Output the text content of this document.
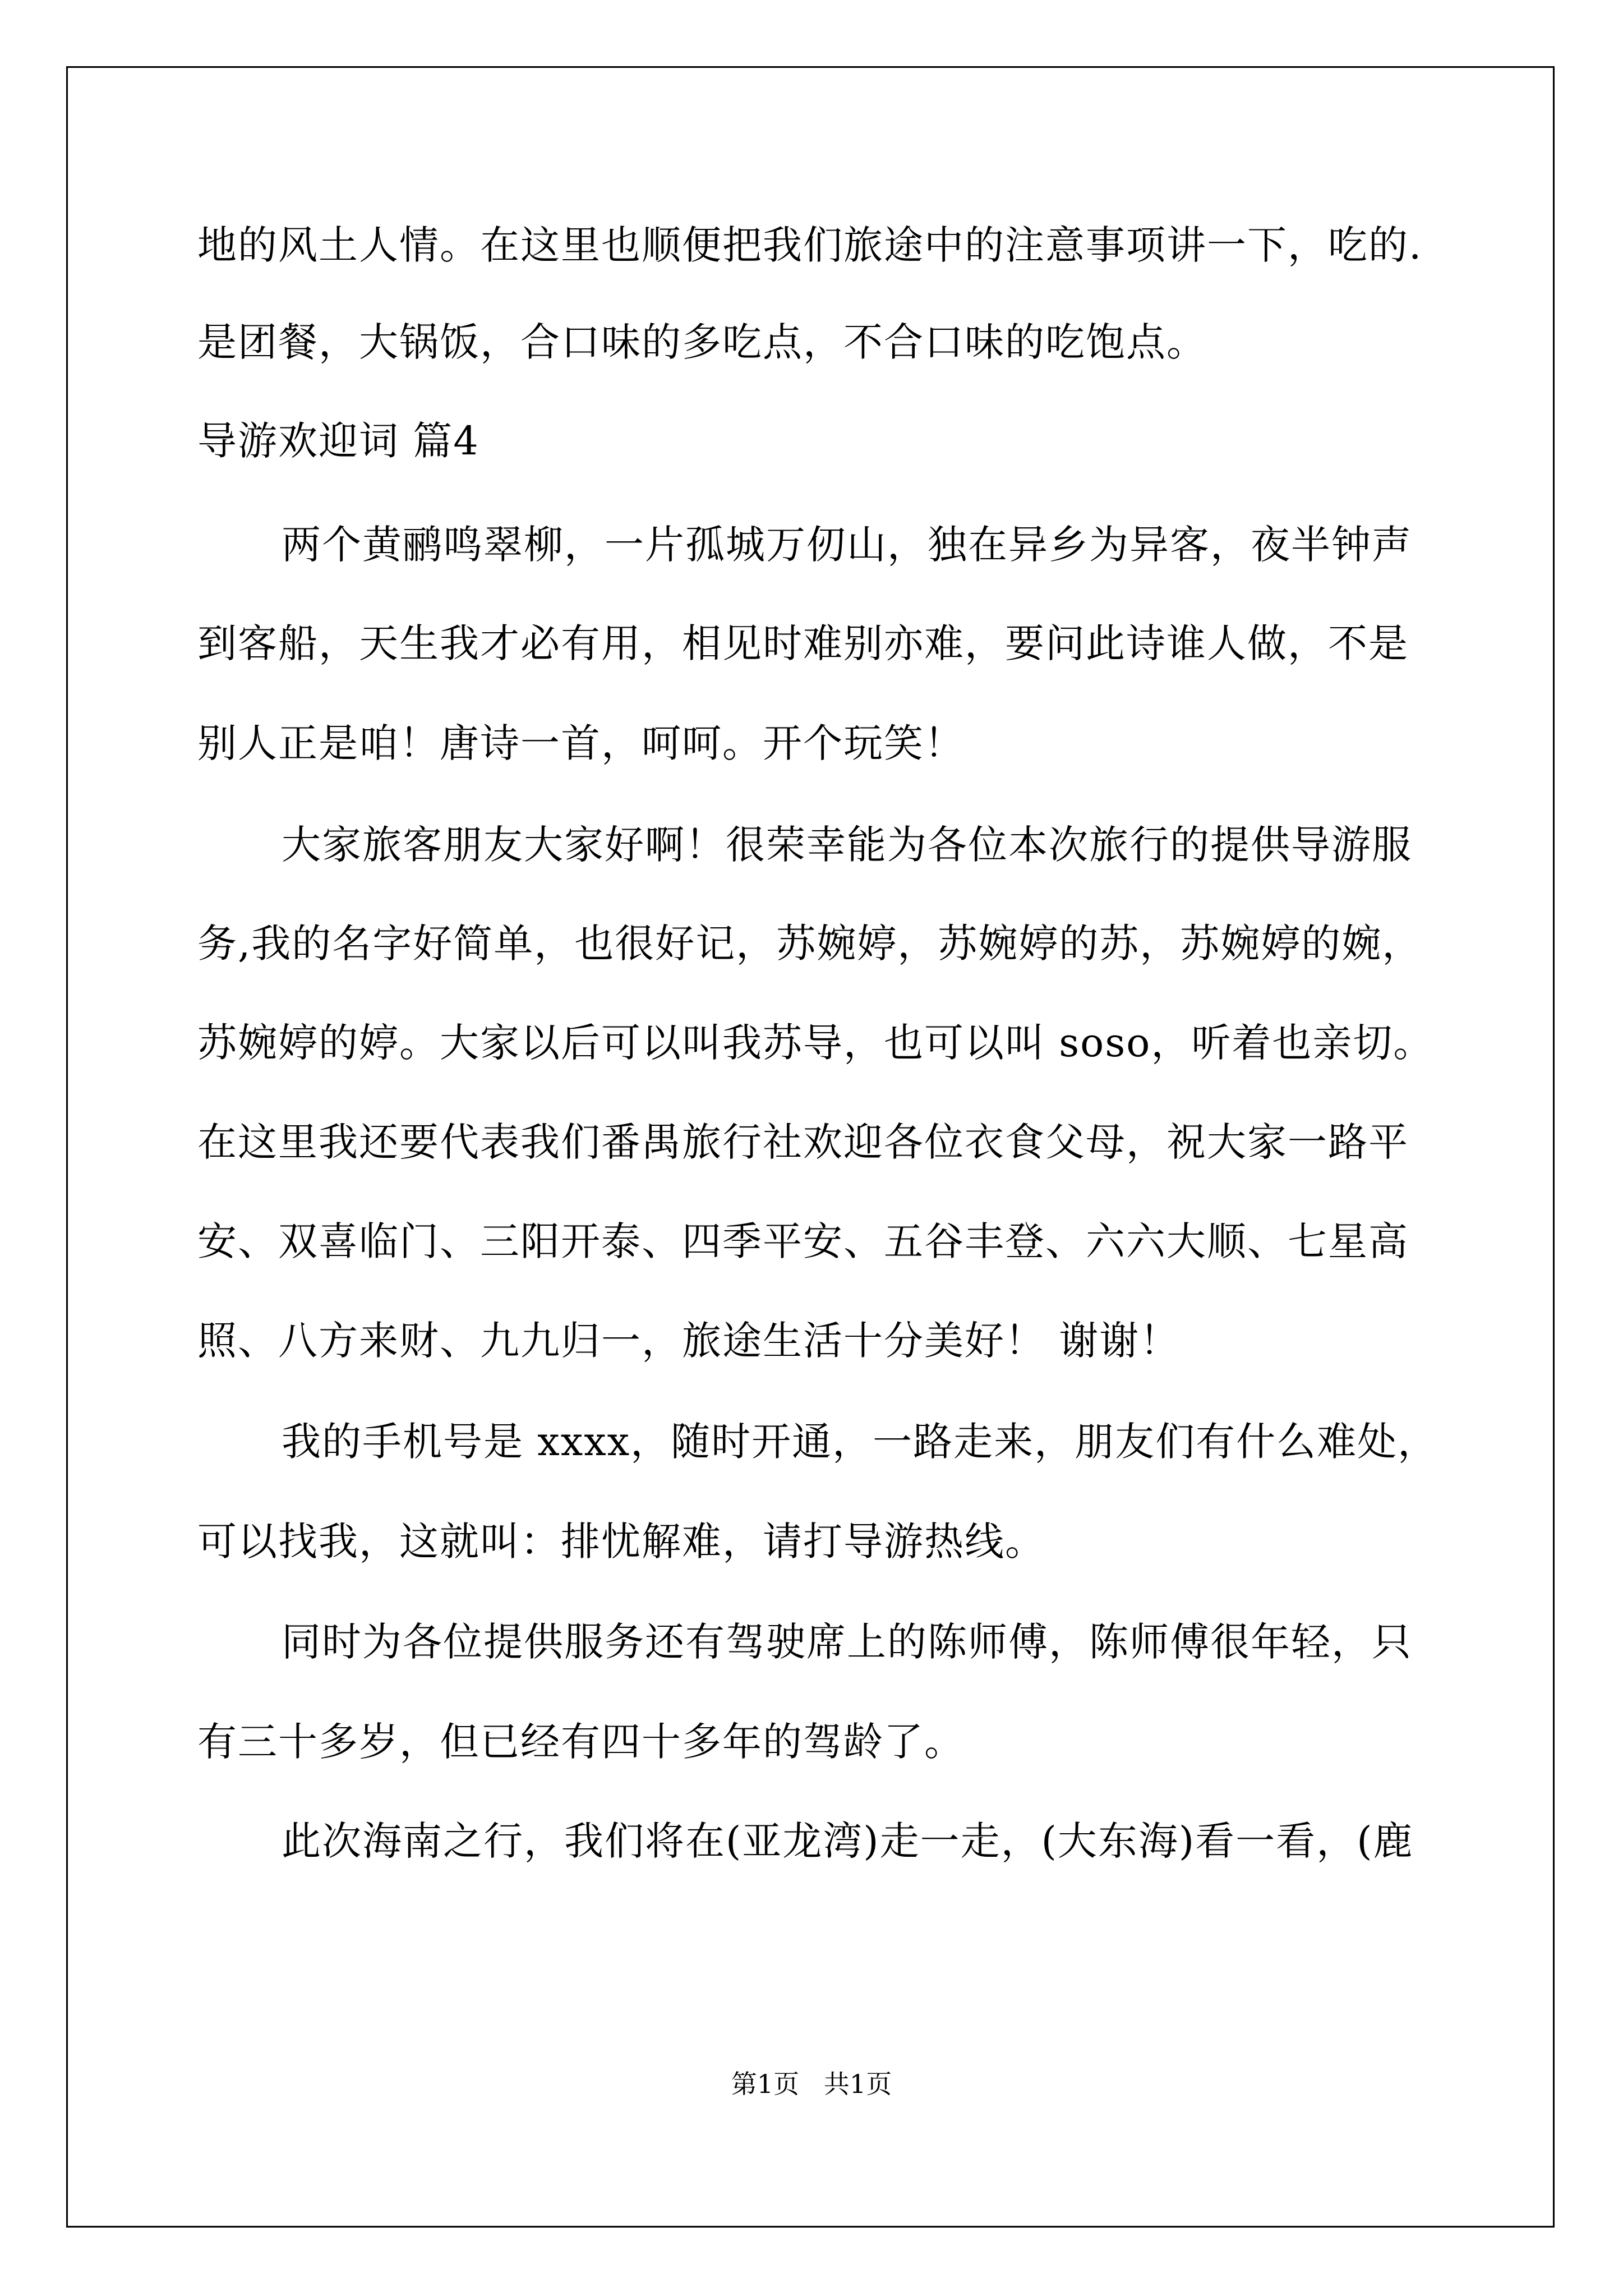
地的风土人情。在这里也顺便把我们旅途中的注意事项讲一下，吃的.
是团餐，大锅饭，合口味的多吃点，不合口味的吃饱点。
导游欢迎词 篇4
两个黄鹂鸣翠柳，一片孤城万仞山，独在异乡为异客，夜半钟声
到客船，天生我才必有用，相见时难别亦难，要问此诗谁人做，不是
别人正是咱！唐诗一首，呵呵。开个玩笑！
大家旅客朋友大家好啊！很荣幸能为各位本次旅行的提供导游服
务,我的名字好简单，也很好记，苏婉婷，苏婉婷的苏，苏婉婷的婉，
苏婉婷的婷。大家以后可以叫我苏导，也可以叫 soso，听着也亲切。
在这里我还要代表我们番禺旅行社欢迎各位衣食父母，祝大家一路平
安、双喜临门、三阳开泰、四季平安、五谷丰登、六六大顺、七星高
照、八方来财、九九归一，旅途生活十分美好！ 谢谢！
我的手机号是 xxxx，随时开通，一路走来，朋友们有什么难处，
可以找我，这就叫：排忧解难，请打导游热线。
同时为各位提供服务还有驾驶席上的陈师傅，陈师傅很年轻，只
有三十多岁，但已经有四十多年的驾龄了。
此次海南之行，我们将在(亚龙湾)走一走，(大东海)看一看，(鹿
第1页   共1页
